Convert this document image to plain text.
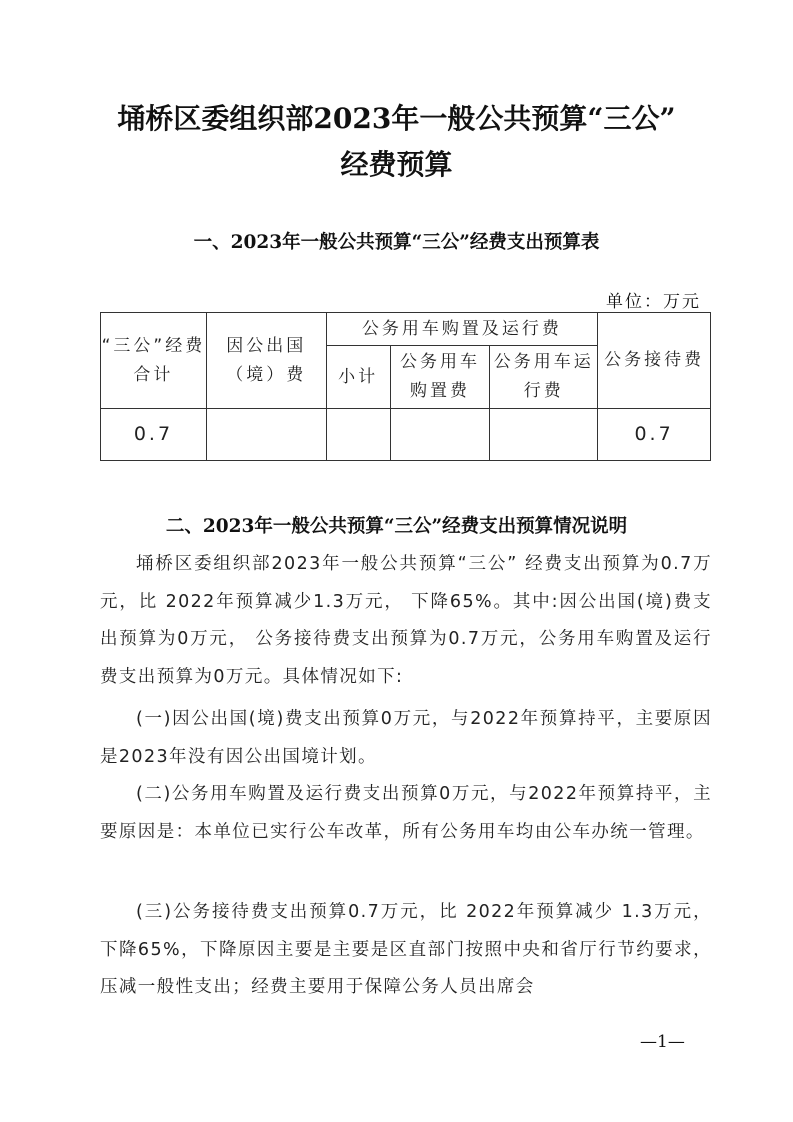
埇桥区委组织部2023年一般公共预算“三公”
经费预算
一、2023年一般公共预算“三公”经费支出预算表
单位：万元
“三公”经费合计	因公出国（境）费	公务用车购置及运行费			公务接待费
		小计	公务用车购置费	公务用车运行费	
0.7					0.7
二、2023年一般公共预算“三公”经费支出预算情况说明
埇桥区委组织部2023年一般公共预算“三公” 经费支出预算为0.7万元，比 2022年预算减少1.3万元， 下降65%。其中:因公出国(境)费支出预算为0万元， 公务接待费支出预算为0.7万元，公务用车购置及运行费支出预算为0万元。具体情况如下:
(一)因公出国(境)费支出预算0万元，与2022年预算持平，主要原因是2023年没有因公出国境计划。
(二)公务用车购置及运行费支出预算0万元，与2022年预算持平，主要原因是：本单位已实行公车改革，所有公务用车均由公车办统一管理。
(三)公务接待费支出预算0.7万元，比 2022年预算减少 1.3万元，下降65%，下降原因主要是主要是区直部门按照中央和省厅行节约要求，压减一般性支出；经费主要用于保障公务人员出席会
—1—
